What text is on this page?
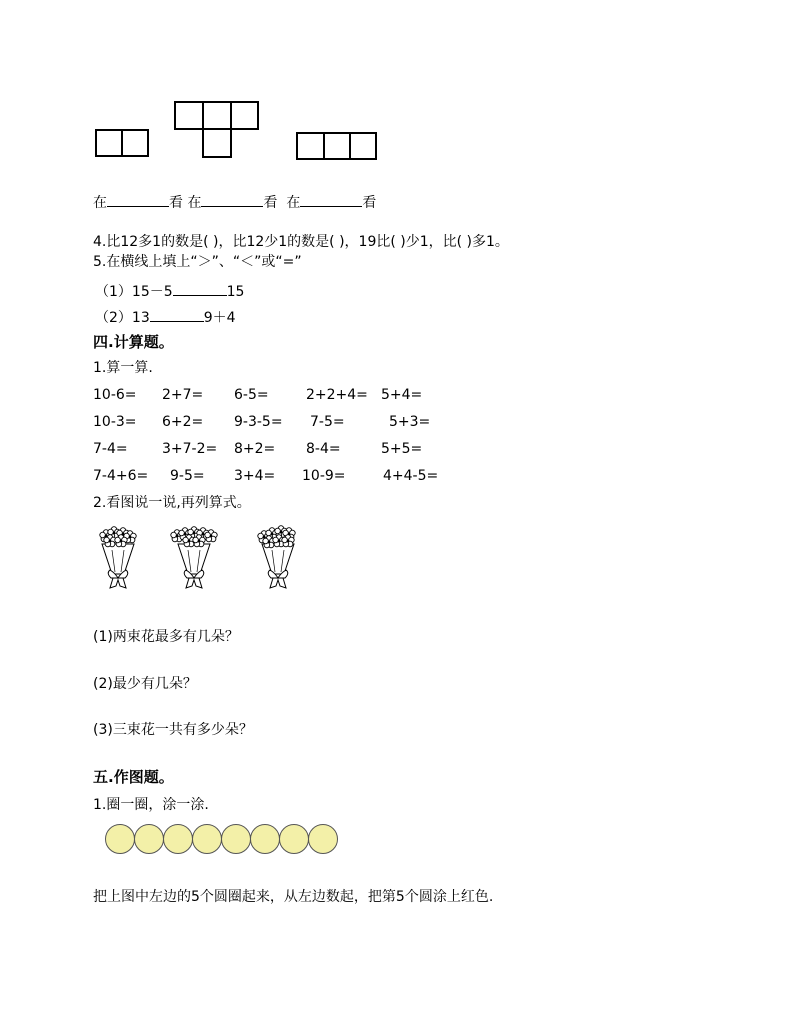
在	看 在	看 在	看
4.比12多1的数是( )，比12少1的数是( )，19比( )少1，比( )多1。
5.在横线上填上“＞”、“＜”或“=”
（1）15－5	15
（2）13	9＋4
四.计算题。
1.算一算.
10-6= 2+7= 6-5=	2+2+4= 5+4=
10-3= 6+2= 9-3-5= 7-5=	5+3=
7-4= 3+7-2= 8+2= 8-4=	5+5=
7-4+6= 9-5= 3+4= 10-9=	4+4-5=
2.看图说一说,再列算式。
(1)两束花最多有几朵？
(2)最少有几朵？
(3)三束花一共有多少朵？
五.作图题。
1.圈一圈，涂一涂.
把上图中左边的5个圆圈起来，从左边数起，把第5个圆涂上红色.
